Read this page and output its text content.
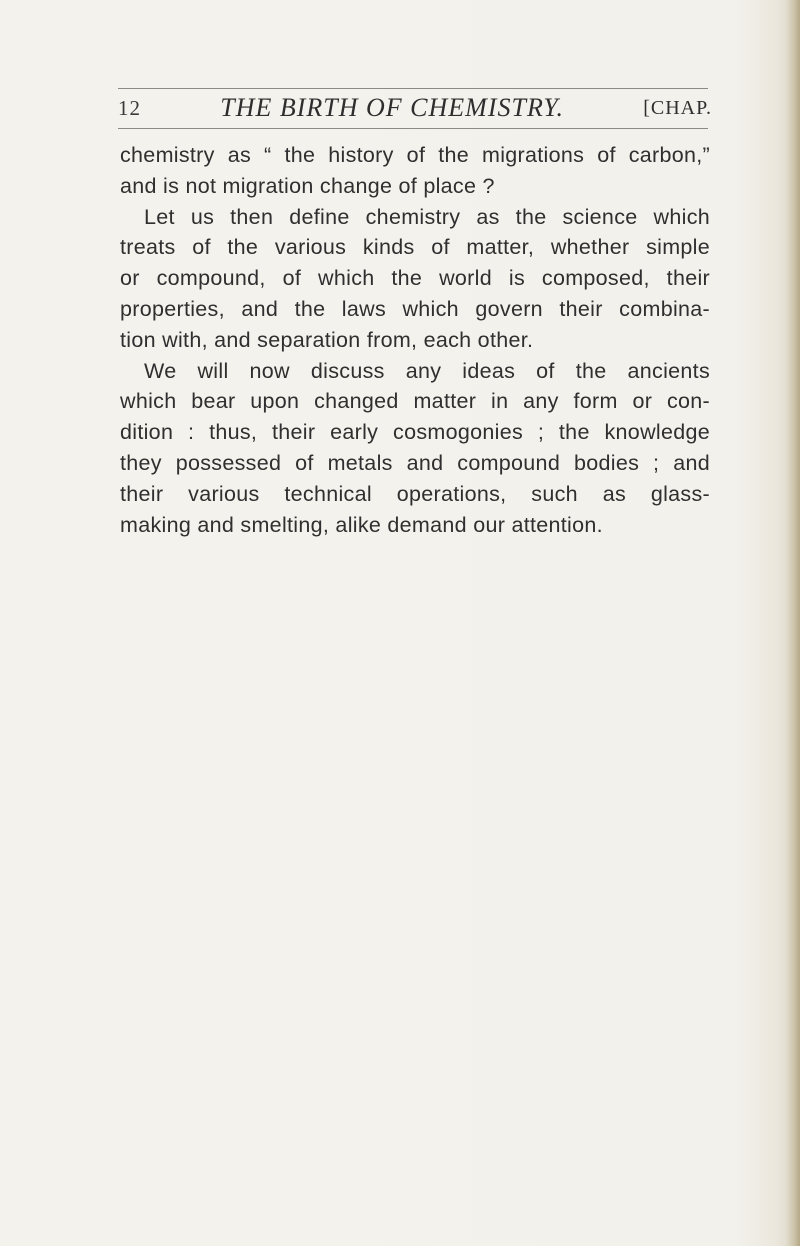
12	THE BIRTH OF CHEMISTRY.	[CHAP.
chemistry as “ the history of the migrations of carbon,”
and is not migration change of place ?
Let us then define chemistry as the science which
treats of the various kinds of matter, whether simple
or compound, of which the world is composed, their
properties, and the laws which govern their combina-
tion with, and separation from, each other.
We will now discuss any ideas of the ancients
which bear upon changed matter in any form or con-
dition : thus, their early cosmogonies ; the knowledge
they possessed of metals and compound bodies ; and
their various technical operations, such as glass-
making and smelting, alike demand our attention.
